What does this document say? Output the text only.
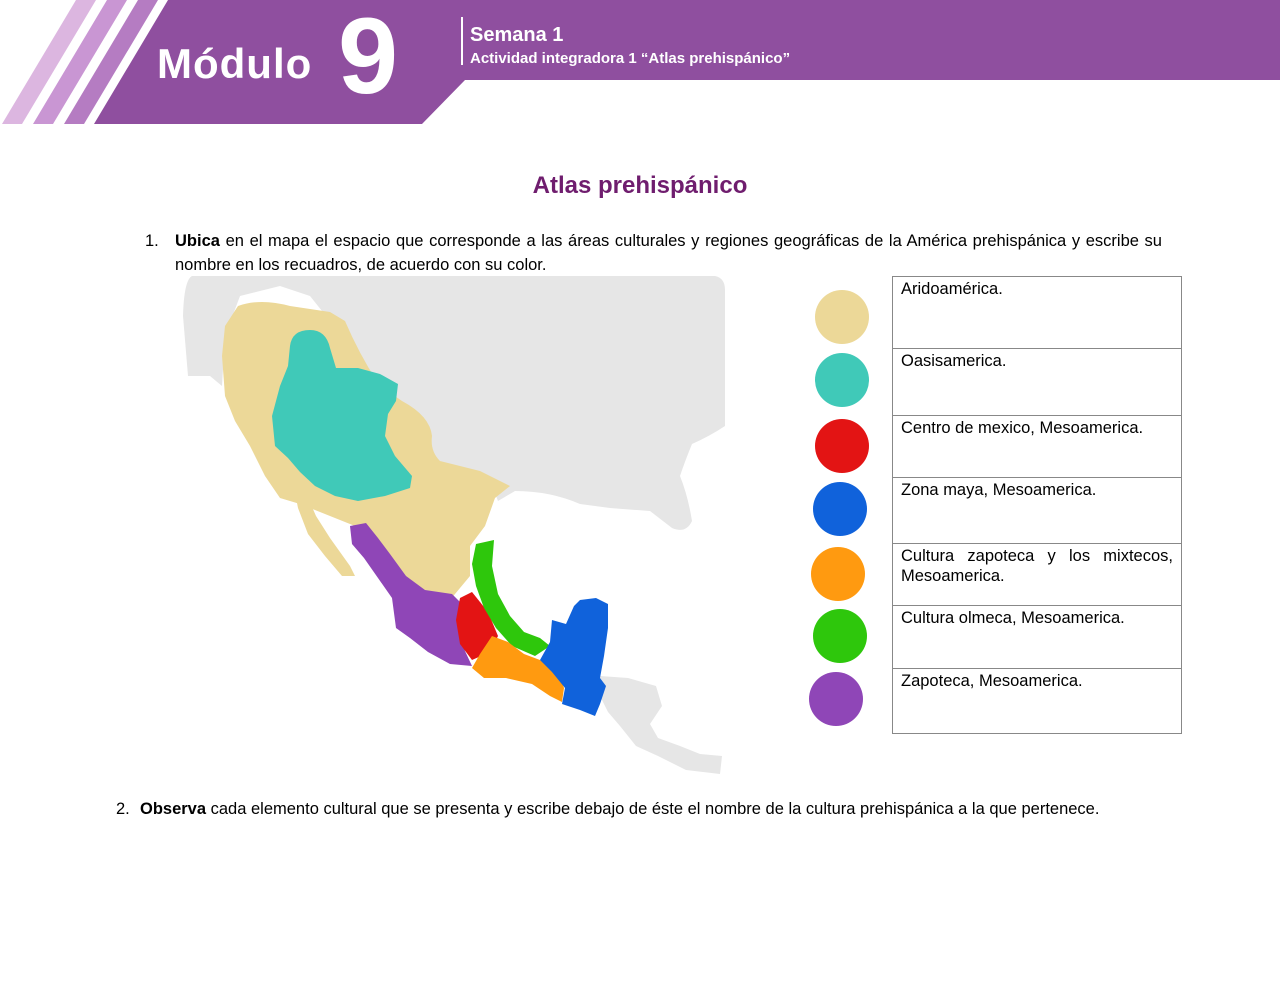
Módulo 9	Semana 1
Actividad integradora 1 “Atlas prehispánico”
Atlas prehispánico
1. Ubica en el mapa el espacio que corresponde a las áreas culturales y regiones geográficas de la América prehispánica y escribe su nombre en los recuadros, de acuerdo con su color.
Aridoamérica.
Oasisamerica.
Centro de mexico, Mesoamerica.
Zona maya, Mesoamerica.
Cultura zapoteca y los mixtecos, Mesoamerica.
Cultura olmeca, Mesoamerica.
Zapoteca, Mesoamerica.
2. Observa cada elemento cultural que se presenta y escribe debajo de éste el nombre de la cultura prehispánica a la que pertenece.
